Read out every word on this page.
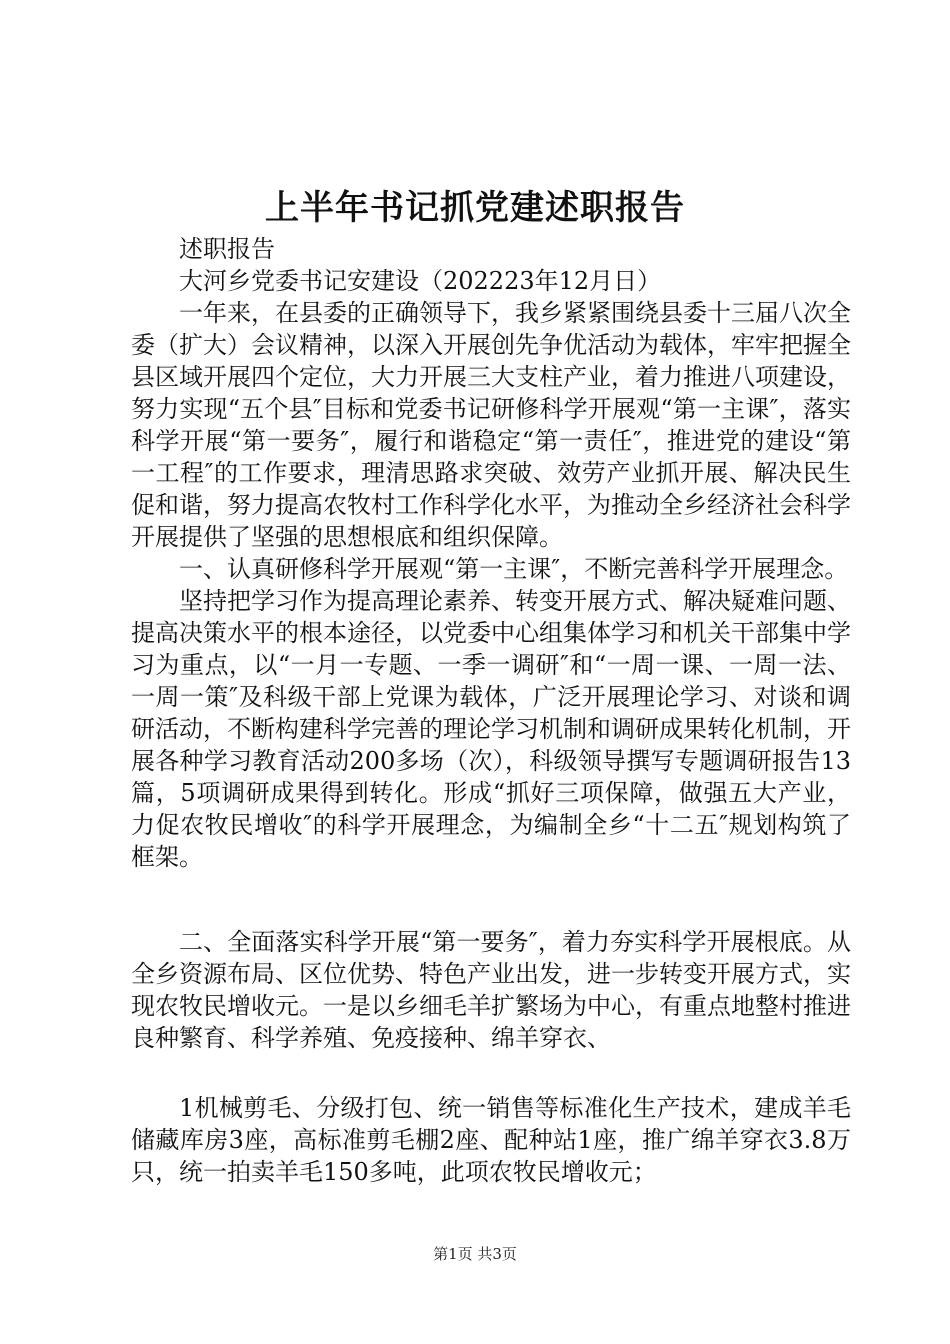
上半年书记抓党建述职报告

述职报告

大河乡党委书记安建设（202223年12月日）

一年来，在县委的正确领导下，我乡紧紧围绕县委十三届八次全委（扩大）会议精神，以深入开展创先争优活动为载体，牢牢把握全县区域开展四个定位，大力开展三大支柱产业，着力推进八项建设，努力实现“五个县″目标和党委书记研修科学开展观“第一主课″，落实科学开展“第一要务″，履行和谐稳定“第一责任″，推进党的建设“第一工程″的工作要求，理清思路求突破、效劳产业抓开展、解决民生促和谐，努力提高农牧村工作科学化水平，为推动全乡经济社会科学开展提供了坚强的思想根底和组织保障。

一、认真研修科学开展观“第一主课″，不断完善科学开展理念。

坚持把学习作为提高理论素养、转变开展方式、解决疑难问题、提高决策水平的根本途径，以党委中心组集体学习和机关干部集中学习为重点，以“一月一专题、一季一调研″和“一周一课、一周一法、一周一策″及科级干部上党课为载体，广泛开展理论学习、对谈和调研活动，不断构建科学完善的理论学习机制和调研成果转化机制，开展各种学习教育活动200多场（次），科级领导撰写专题调研报告13篇，5项调研成果得到转化。形成“抓好三项保障，做强五大产业，力促农牧民增收″的科学开展理念，为编制全乡“十二五″规划构筑了框架。

二、全面落实科学开展“第一要务″，着力夯实科学开展根底。从全乡资源布局、区位优势、特色产业出发，进一步转变开展方式，实现农牧民增收元。一是以乡细毛羊扩繁场为中心，有重点地整村推进良种繁育、科学养殖、免疫接种、绵羊穿衣、

1机械剪毛、分级打包、统一销售等标准化生产技术，建成羊毛储藏库房3座，高标准剪毛棚2座、配种站1座，推广绵羊穿衣3.8万只，统一拍卖羊毛150多吨，此项农牧民增收元；

第1页 共3页
